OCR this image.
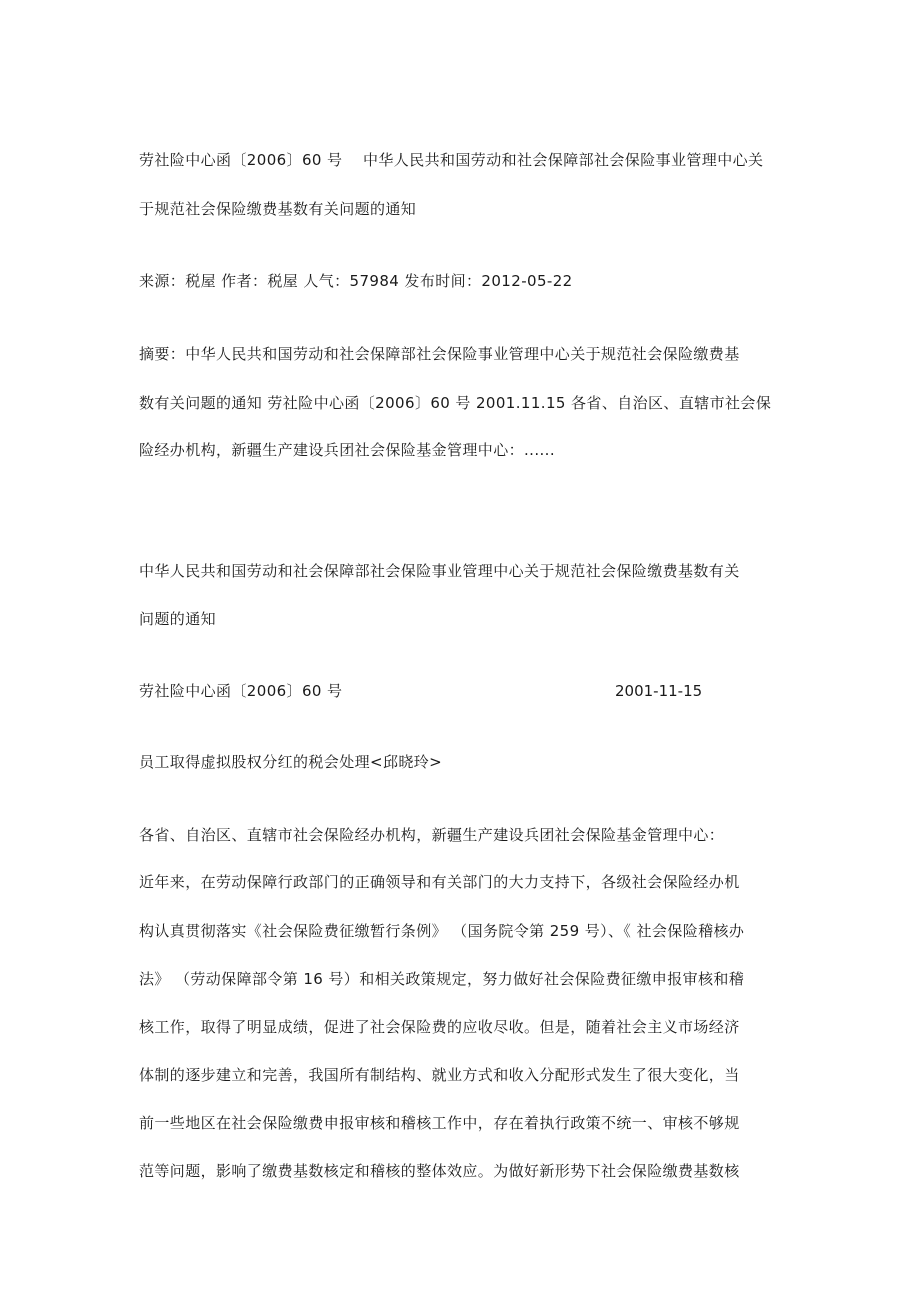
劳社险中心函〔2006〕60 号　 中华人民共和国劳动和社会保障部社会保险事业管理中心关
于规范社会保险缴费基数有关问题的通知
来源：税屋 作者：税屋 人气：57984 发布时间：2012-05-22
摘要：中华人民共和国劳动和社会保障部社会保险事业管理中心关于规范社会保险缴费基
数有关问题的通知 劳社险中心函〔2006〕60 号 2001.11.15 各省、自治区、直辖市社会保
险经办机构，新疆生产建设兵团社会保险基金管理中心：......
中华人民共和国劳动和社会保障部社会保险事业管理中心关于规范社会保险缴费基数有关
问题的通知
劳社险中心函〔2006〕60 号	2001-11-15
员工取得虚拟股权分红的税会处理<邱晓玲>
各省、自治区、直辖市社会保险经办机构，新疆生产建设兵团社会保险基金管理中心：
近年来，在劳动保障行政部门的正确领导和有关部门的大力支持下，各级社会保险经办机
构认真贯彻落实《社会保险费征缴暂行条例》 （国务院令第 259 号）、《 社会保险稽核办
法》 （劳动保障部令第 16 号）和相关政策规定，努力做好社会保险费征缴申报审核和稽
核工作，取得了明显成绩，促进了社会保险费的应收尽收。但是，随着社会主义市场经济
体制的逐步建立和完善，我国所有制结构、就业方式和收入分配形式发生了很大变化，当
前一些地区在社会保险缴费申报审核和稽核工作中，存在着执行政策不统一、审核不够规
范等问题，影响了缴费基数核定和稽核的整体效应。为做好新形势下社会保险缴费基数核
